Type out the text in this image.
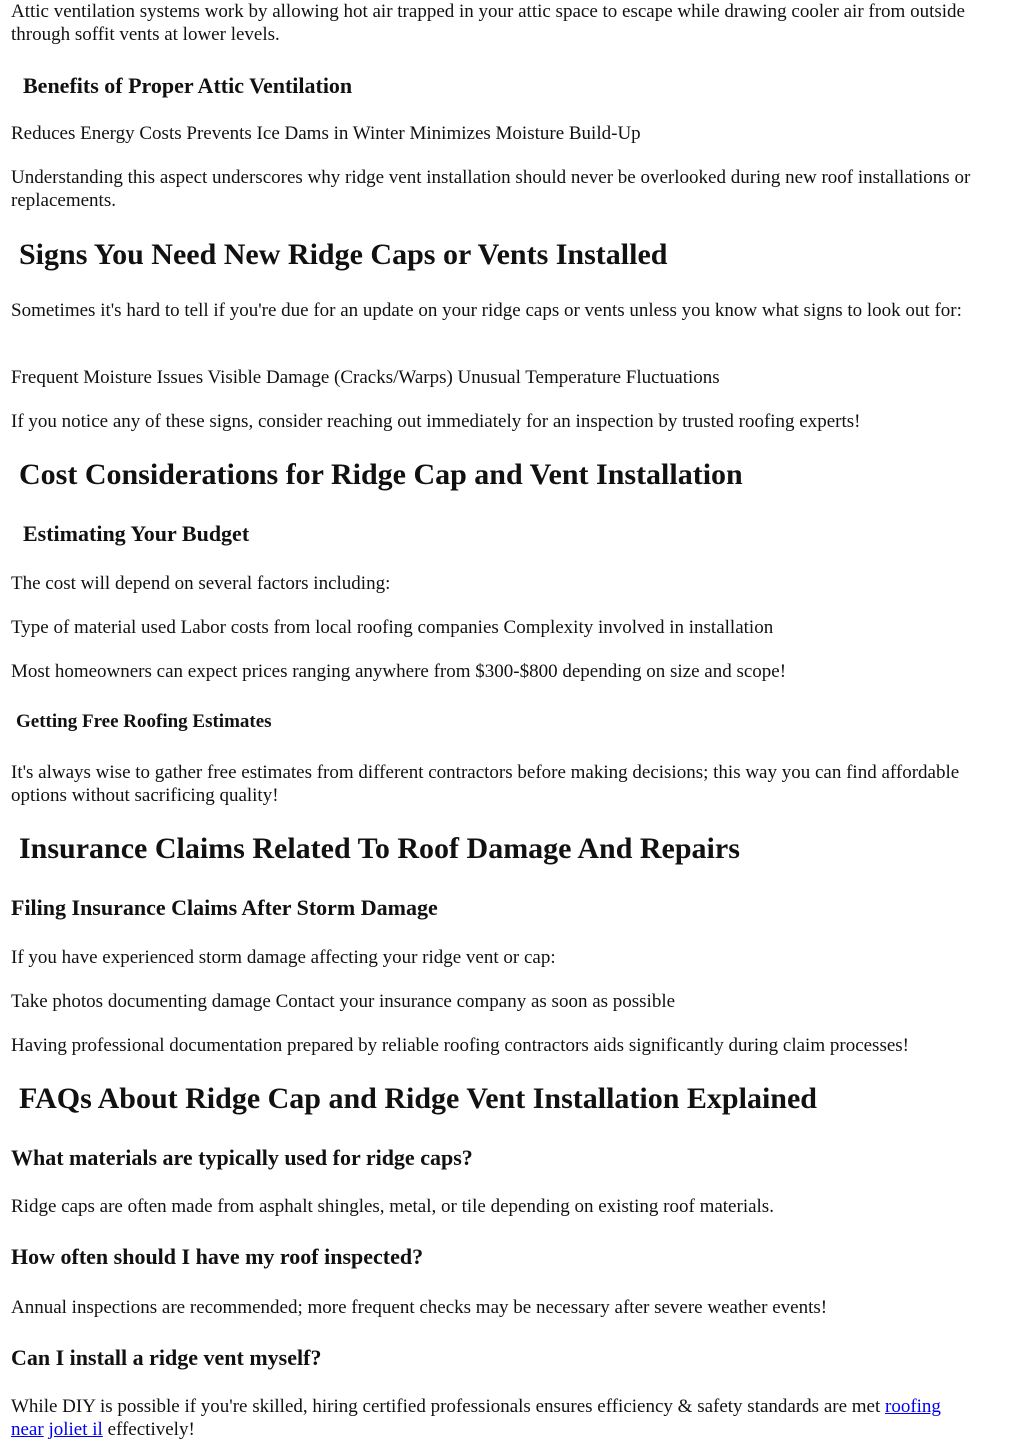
Attic ventilation systems work by allowing hot air trapped in your attic space to escape while drawing cooler air from outside through soffit vents at lower levels.

Benefits of Proper Attic Ventilation

Reduces Energy Costs Prevents Ice Dams in Winter Minimizes Moisture Build-Up

Understanding this aspect underscores why ridge vent installation should never be overlooked during new roof installations or replacements.

Signs You Need New Ridge Caps or Vents Installed

Sometimes it's hard to tell if you're due for an update on your ridge caps or vents unless you know what signs to look out for:

Frequent Moisture Issues Visible Damage (Cracks/Warps) Unusual Temperature Fluctuations

If you notice any of these signs, consider reaching out immediately for an inspection by trusted roofing experts!

Cost Considerations for Ridge Cap and Vent Installation
Estimating Your Budget

The cost will depend on several factors including:

Type of material used Labor costs from local roofing companies Complexity involved in installation

Most homeowners can expect prices ranging anywhere from $300-$800 depending on size and scope!

Getting Free Roofing Estimates

It's always wise to gather free estimates from different contractors before making decisions; this way you can find affordable options without sacrificing quality!

Insurance Claims Related To Roof Damage And Repairs
Filing Insurance Claims After Storm Damage

If you have experienced storm damage affecting your ridge vent or cap:

Take photos documenting damage Contact your insurance company as soon as possible

Having professional documentation prepared by reliable roofing contractors aids significantly during claim processes!

FAQs About Ridge Cap and Ridge Vent Installation Explained
What materials are typically used for ridge caps?

Ridge caps are often made from asphalt shingles, metal, or tile depending on existing roof materials.

How often should I have my roof inspected?

Annual inspections are recommended; more frequent checks may be necessary after severe weather events!

Can I install a ridge vent myself?

While DIY is possible if you're skilled, hiring certified professionals ensures efficiency & safety standards are met roofing near joliet il effectively!
